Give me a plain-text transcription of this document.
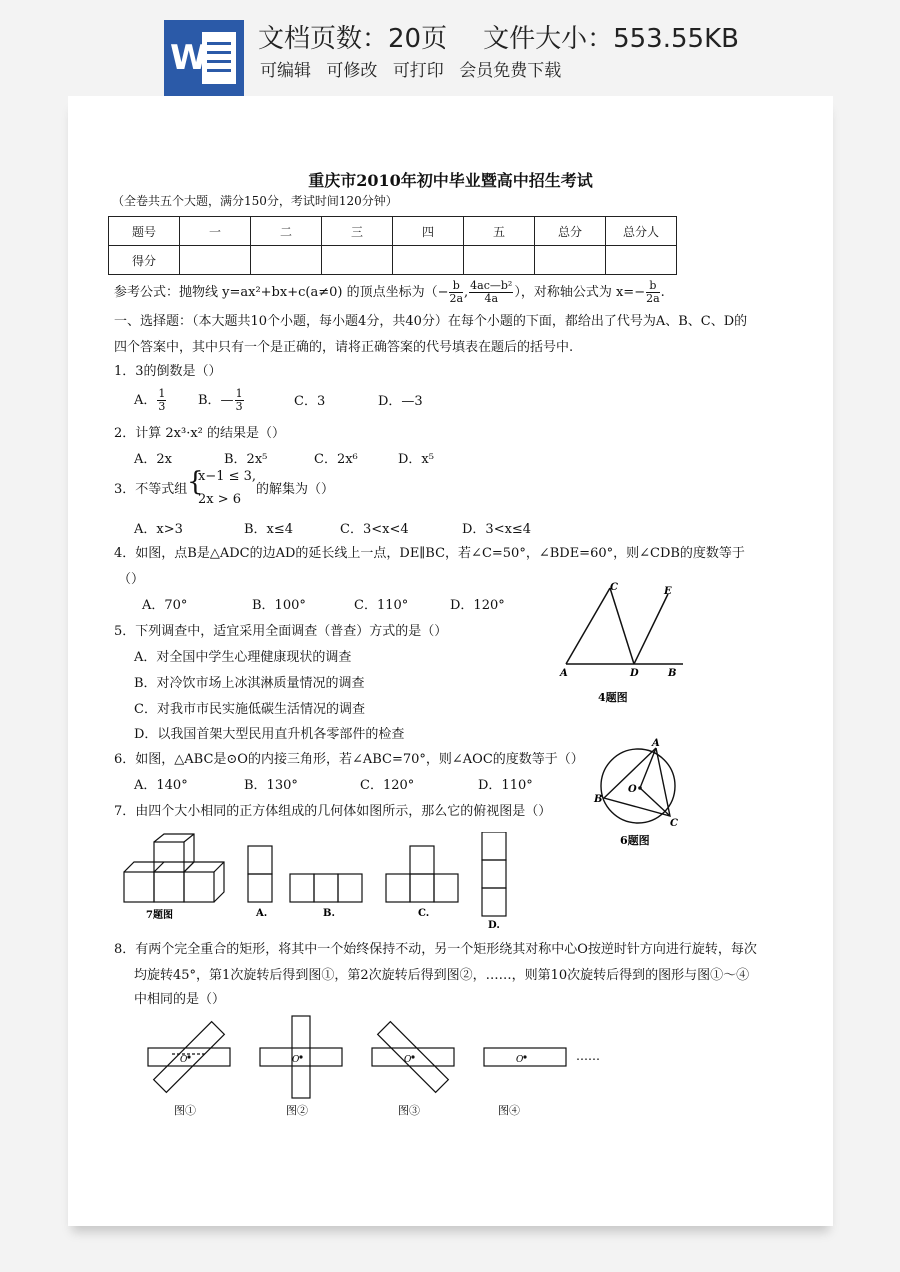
W 文档页数：20页 文件大小：553.55KB
可编辑 可修改 可打印 会员免费下载
重庆市2010年初中毕业暨高中招生考试
（全卷共五个大题，满分150分，考试时间120分钟）
题号	一	二	三	四	五	总分	总分人
得分							
参考公式：抛物线 y=ax²+bx+c(a≠0) 的顶点坐标为（− $\frac{b}{2a}$ , $\frac{\text{4ac—b²}}{4a}$ ），对称轴公式为 $x=- \frac{b}{2a}$ .
一、选择题：（本大题共10个小题，每小题4分，共40分）在每个小题的下面，都给出了代号为A、B、C、D的
四个答案中，其中只有一个是正确的，请将正确答案的代号填表在题后的括号中.
1．3的倒数是（）
A． $\frac{1}{3}$ B．— $\frac{1}{3}$	C．3	D．—3
2．计算 2x³·x² 的结果是（）
A．2x	B．2x⁵	C．2x⁶	D．x⁵
3．不等式组 {
x−1 ≤ 3,
2x > 6
的解集为（）
A．x>3	B．x≤4	C．3<x<4	D．3<x≤4
4．如图，点B是△ADC的边AD的延长线上一点，DE∥BC，若∠C=50°，∠BDE=60°，则∠CDB的度数等于
（）
A．70°	B．100°	C．110°	D．120°
5．下列调查中，适宜采用全面调查（普查）方式的是（）
A．对全国中学生心理健康现状的调查
B．对冷饮市场上冰淇淋质量情况的调查
C．对我市市民实施低碳生活情况的调查
D．以我国首架大型民用直升机各零部件的检查
6．如图，△ABC是⊙O的内接三角形，若∠ABC=70°，则∠AOC的度数等于（）
A．140°	B．130°	C．120°	D．110°
7．由四个大小相同的正方体组成的几何体如图所示，那么它的俯视图是（）
C	E
A	D	B
4题图
A
B
O
C
6题图
7题图	A.	B.	C.
D.
8．有两个完全重合的矩形，将其中一个始终保持不动，另一个矩形绕其对称中心O按逆时针方向进行旋转，每次
均旋转45°，第1次旋转后得到图①，第2次旋转后得到图②，……，则第10次旋转后得到的图形与图①～④
中相同的是（）
O	O	O	O	……
图①	图②	图③	图④
